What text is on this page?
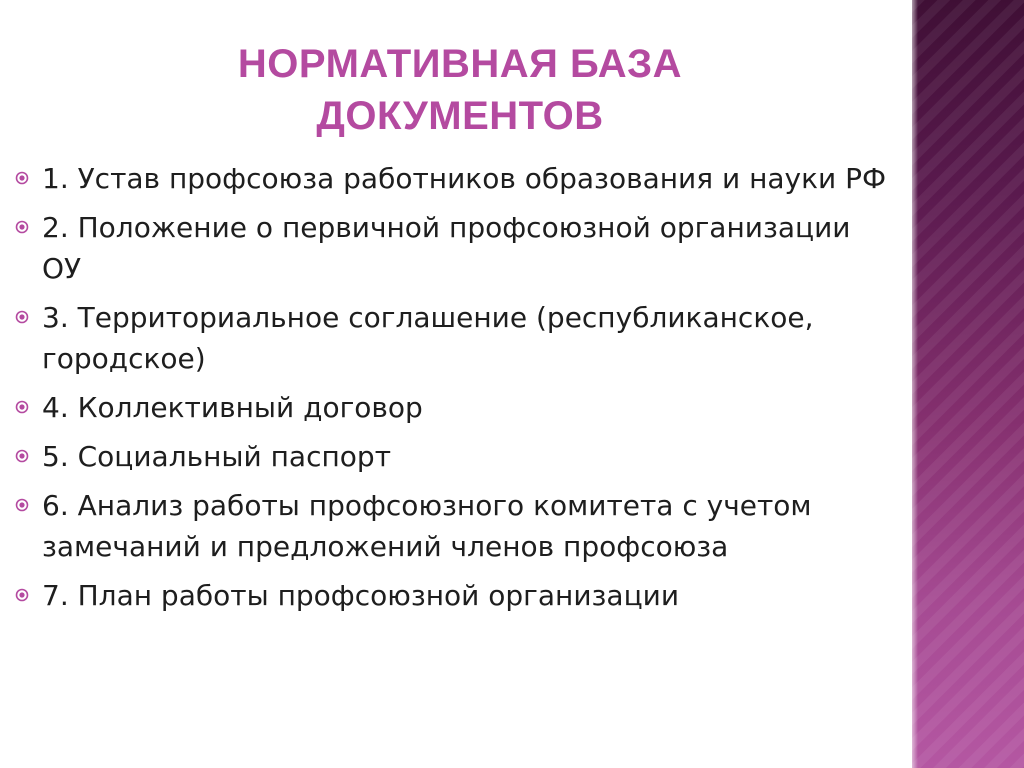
НОРМАТИВНАЯ БАЗА
ДОКУМЕНТОВ
1. Устав профсоюза работников образования и науки РФ
2. Положение о первичной профсоюзной организации ОУ
3. Территориальное соглашение (республиканское, городское)
4. Коллективный договор
5. Социальный паспорт
6. Анализ работы профсоюзного комитета с учетом замечаний и предложений членов профсоюза
7. План работы профсоюзной организации
